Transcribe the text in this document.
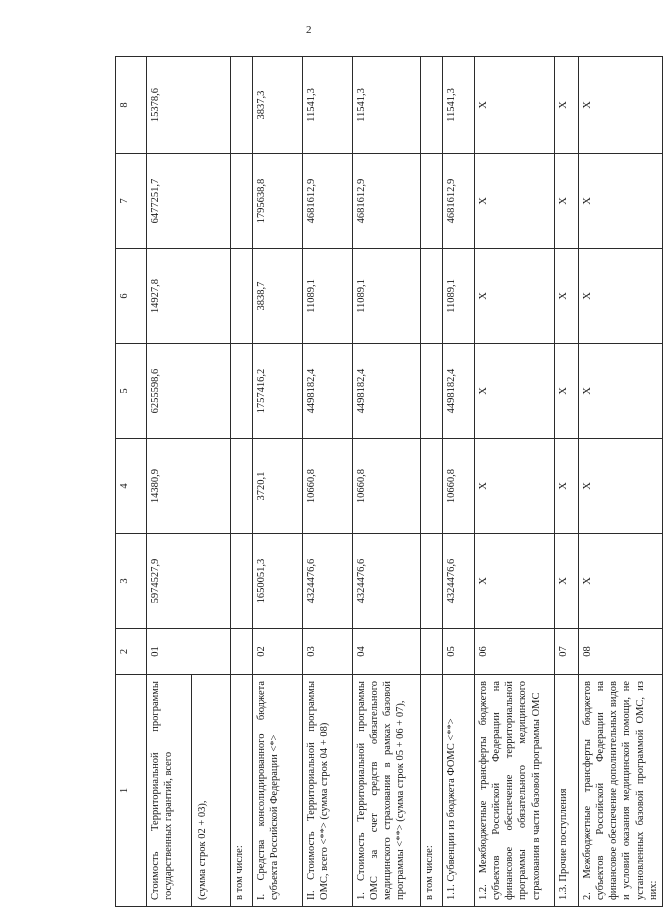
2
1	2	3	4	5	6	7	8

Стоимость Территориальной программы государственных гарантий, всего (сумма строк 02 + 03),	01	5974527,9	14380,9	6255598,6	14927,8	6477251,7	15378,6
в том числе:							
I. Средства консолидированного бюджета субъекта Российской Федерации <*>	02	1650051,3	3720,1	1757416,2	3838,7	1795638,8	3837,3
II. Стоимость Территориальной программы ОМС, всего <**> (сумма строк 04 + 08)	03	4324476,6	10660,8	4498182,4	11089,1	4681612,9	11541,3
1. Стоимость Территориальной программы ОМС за счет средств обязательного медицинского страхования в рамках базовой программы <**> (сумма строк 05 + 06 + 07),	04	4324476,6	10660,8	4498182,4	11089,1	4681612,9	11541,3
в том числе:							
1.1. Субвенции из бюджета ФОМС <**>	05	4324476,6	10660,8	4498182,4	11089,1	4681612,9	11541,3
1.2. Межбюджетные трансферты бюджетов субъектов Российской Федерации на финансовое обеспечение территориальной программы обязательного медицинского страхования в части базовой программы ОМС	06	Х	Х	Х	Х	Х	Х
1.3. Прочие поступления	07	Х	Х	Х	Х	Х	Х
2. Межбюджетные трансферты бюджетов субъектов Российской Федерации на финансовое обеспечение дополнительных видов и условий оказания медицинской помощи, не установленных базовой программой ОМС, из них:	08	Х	Х	Х	Х	Х	Х
